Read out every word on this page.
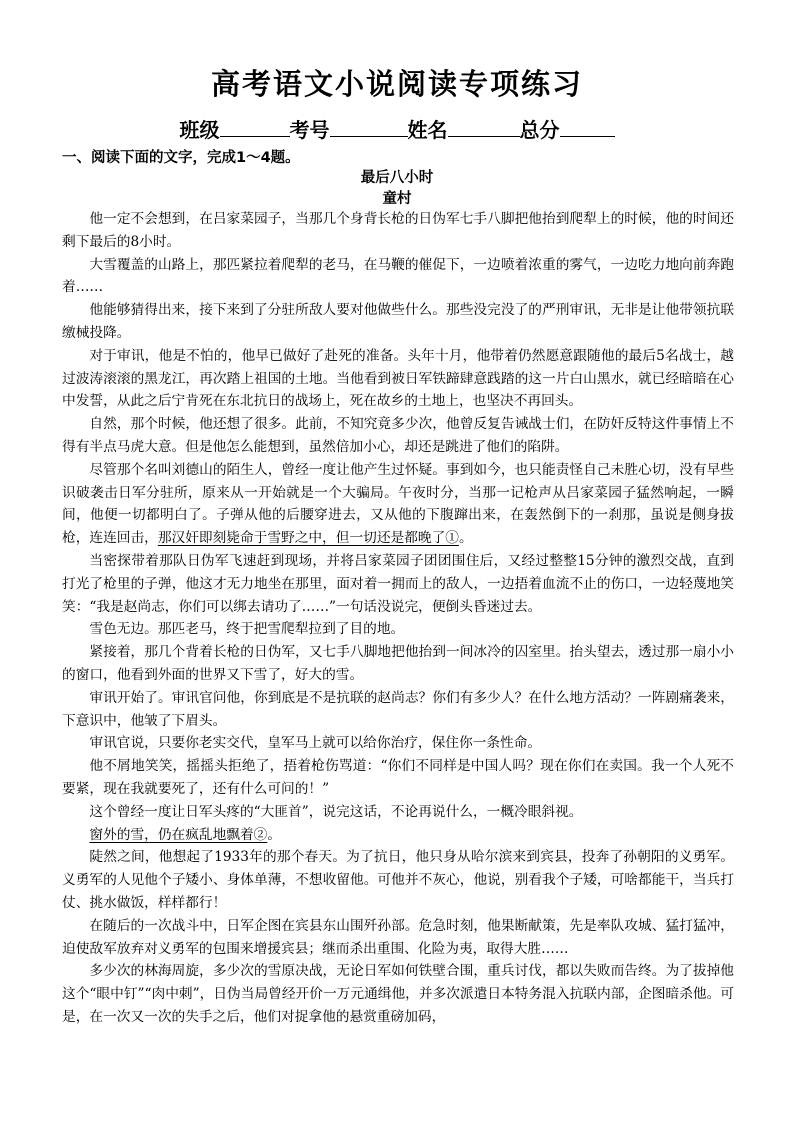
高考语文小说阅读专项练习
班级	考号	姓名	总分
一、阅读下面的文字，完成1～4题。
最后八小时
童村

他一定不会想到，在吕家菜园子，当那几个身背长枪的日伪军七手八脚把他抬到爬犁上的时候，他的时间还剩下最后的8小时。

大雪覆盖的山路上，那匹紧拉着爬犁的老马，在马鞭的催促下，一边喷着浓重的雾气，一边吃力地向前奔跑着……

他能够猜得出来，接下来到了分驻所敌人要对他做些什么。那些没完没了的严刑审讯，无非是让他带领抗联缴械投降。

对于审讯，他是不怕的，他早已做好了赴死的准备。头年十月，他带着仍然愿意跟随他的最后5名战士，越过波涛滚滚的黑龙江，再次踏上祖国的土地。当他看到被日军铁蹄肆意践踏的这一片白山黑水，就已经暗暗在心中发誓，从此之后宁肯死在东北抗日的战场上，死在故乡的土地上，也坚决不再回头。

自然，那个时候，他还想了很多。此前，不知究竟多少次，他曾反复告诫战士们，在防奸反特这件事情上不得有半点马虎大意。但是他怎么能想到，虽然倍加小心，却还是跳进了他们的陷阱。

尽管那个名叫刘德山的陌生人，曾经一度让他产生过怀疑。事到如今，也只能责怪自己未胜心切，没有早些识破袭击日军分驻所，原来从一开始就是一个大骗局。午夜时分，当那一记枪声从吕家菜园子猛然响起，一瞬间，他便一切都明白了。子弹从他的后腰穿进去，又从他的下腹蹿出来，在轰然倒下的一刹那，虽说是侧身拔枪，连连回击，那汉奸即刻毙命于雪野之中，但一切还是都晚了①。

当密探带着那队日伪军飞速赶到现场，并将吕家菜园子团团围住后，又经过整整15分钟的激烈交战，直到打光了枪里的子弹，他这才无力地坐在那里，面对着一拥而上的敌人，一边捂着血流不止的伤口，一边轻蔑地笑笑：“我是赵尚志，你们可以绑去请功了……”一句话没说完，便倒头昏迷过去。

雪色无边。那匹老马，终于把雪爬犁拉到了目的地。

紧接着，那几个背着长枪的日伪军，又七手八脚地把他抬到一间冰冷的囚室里。抬头望去，透过那一扇小小的窗口，他看到外面的世界又下雪了，好大的雪。

审讯开始了。审讯官问他，你到底是不是抗联的赵尚志？你们有多少人？在什么地方活动？一阵剧痛袭来，下意识中，他皱了下眉头。

审讯官说，只要你老实交代，皇军马上就可以给你治疗，保住你一条性命。

他不屑地笑笑，摇摇头拒绝了，捂着枪伤骂道：“你们不同样是中国人吗？现在你们在卖国。我一个人死不要紧，现在我就要死了，还有什么可问的！”

这个曾经一度让日军头疼的“大匪首”，说完这话，不论再说什么，一概冷眼斜视。

窗外的雪，仍在疯乱地飘着②。

陡然之间，他想起了1933年的那个春天。为了抗日，他只身从哈尔滨来到宾县，投奔了孙朝阳的义勇军。义勇军的人见他个子矮小、身体单薄，不想收留他。可他并不灰心，他说，别看我个子矮，可啥都能干，当兵打仗、挑水做饭，样样都行！

在随后的一次战斗中，日军企图在宾县东山围歼孙部。危急时刻，他果断献策，先是率队攻城、猛打猛冲，迫使敌军放弃对义勇军的包围来增援宾县；继而杀出重围、化险为夷，取得大胜……

多少次的林海周旋，多少次的雪原决战，无论日军如何铁壁合围，重兵讨伐，都以失败而告终。为了拔掉他这个“眼中钉”“肉中刺”，日伪当局曾经开价一万元通缉他，并多次派遣日本特务混入抗联内部，企图暗杀他。可是，在一次又一次的失手之后，他们对捉拿他的悬赏重磅加码，
